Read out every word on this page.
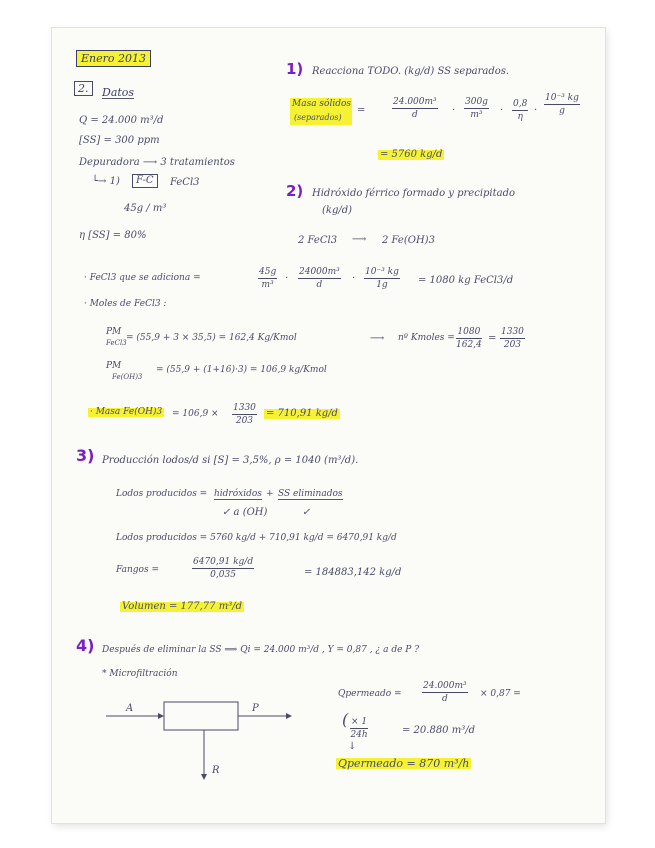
Enero 2013
2.	Datos
Q = 24.000 m³/d
[SS] = 300 ppm
Depuradora ⟶ 3 tratamientos
└→ 1)	F-C	FeCl3
45g / m³
η [SS] = 80%
1) Reacciona TODO. (kg/d) SS separados.
Masa sólidos
(separados)
=	$\frac{\text{24.000m³}}{d} \cdot \frac{300g}{\text{m³}} \cdot \frac{0,8}{\eta} \cdot \frac{\text{10⁻³ kg}}{g}$
= 5760 kg/d
2) Hidróxido férrico formado y precipitado
(kg/d)
2 FeCl3 ⟶ 2 Fe(OH)3
· FeCl3 que se adiciona =	$\frac{45g}{\text{m³}} \cdot \frac{\text{24000m³}}{d} \cdot \frac{\text{10⁻³ kg}}{1g} = 1080$ kg FeCl3/d
· Moles de FeCl3 :
PM
FeCl3 = (55,9 + 3 × 35,5) = 162,4 Kg/Kmol	⟶ nº Kmoles = $\frac{1080}{162,4} = \frac{1330}{203}$
PM
Fe(OH)3
= (55,9 + (1+16)·3) = 106,9 kg/Kmol
· Masa $Fe(OH)3 = 106,9 \times \frac{1330}{203} = 710,91$ kg/d
3) Producción lodos/d si [S] = 3,5%, ρ = 1040 (m³/d).
Lodos producidos = hidróxidos + SS eliminados
✓ a (OH)	✓
Lodos producidos = 5760 kg/d + 710,91 kg/d = 6470,91 kg/d
Fangos =	$\frac{6470,91 kg/d}{0,035}$	= 184883,142 kg/d
Volumen = 177,77 m³/d
4) Después de eliminar la SS ⟹ Qi = 24.000 m³/d , Y = 0,87 , ¿ a de P ?
* Microfiltración
A	P
R
Qpermeado = $\frac{\text{24.000m³}}{d} \times 0,87$ =
( $\frac{\times 1}{24h}$
↓
= 20.880 m³/d
Qpermeado = 870 m³/h
